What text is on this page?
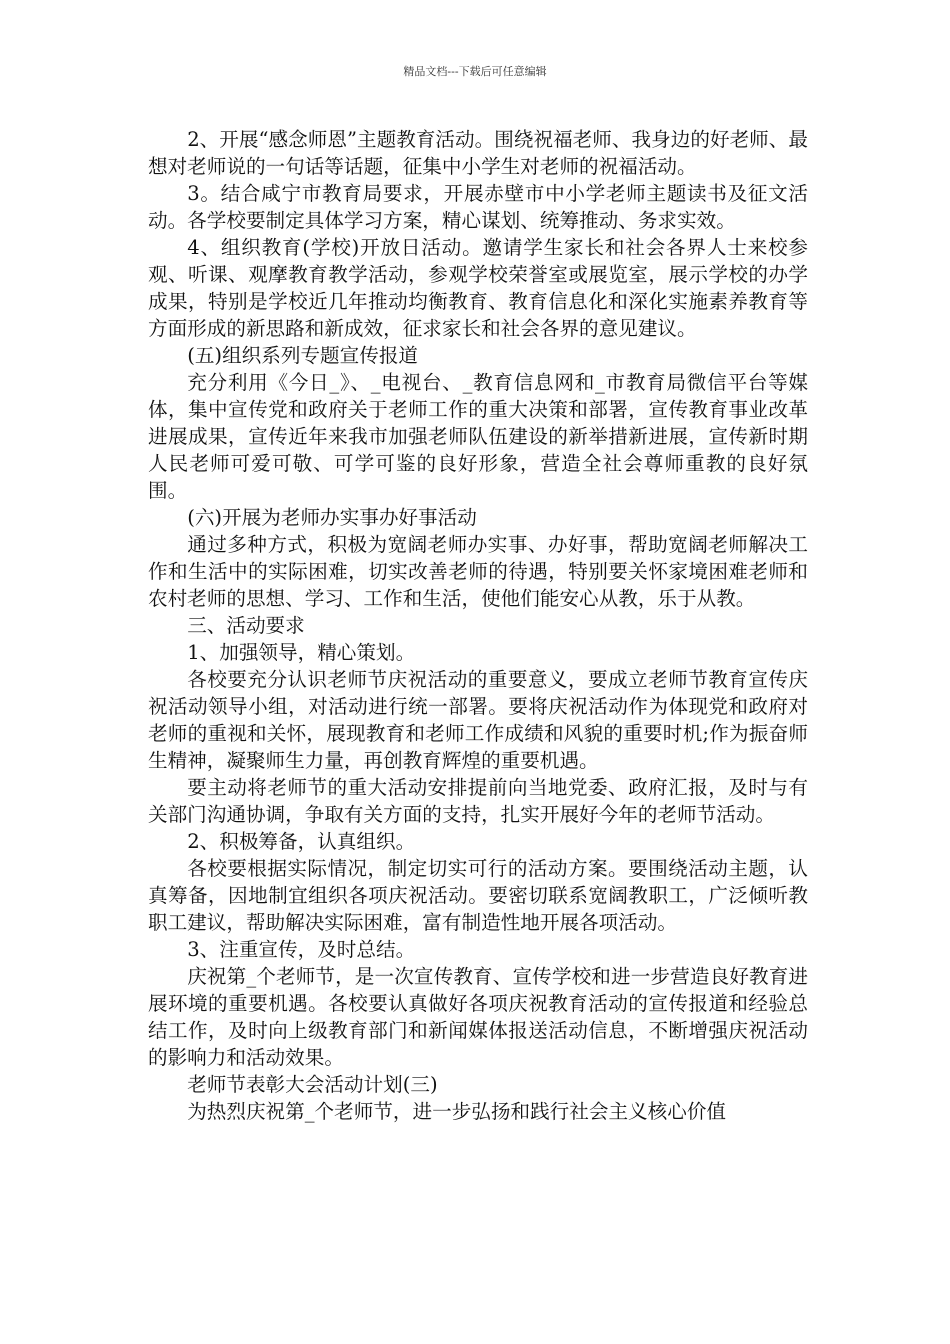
精品文档---下载后可任意编辑

2、开展“感念师恩”主题教育活动。围绕祝福老师、我身边的好老师、最想对老师说的一句话等话题，征集中小学生对老师的祝福活动。

3。结合咸宁市教育局要求，开展赤壁市中小学老师主题读书及征文活动。各学校要制定具体学习方案，精心谋划、统筹推动、务求实效。

4、组织教育(学校)开放日活动。邀请学生家长和社会各界人士来校参观、听课、观摩教育教学活动，参观学校荣誉室或展览室，展示学校的办学成果，特别是学校近几年推动均衡教育、教育信息化和深化实施素养教育等方面形成的新思路和新成效，征求家长和社会各界的意见建议。

(五)组织系列专题宣传报道

充分利用《今日_》、_电视台、_教育信息网和_市教育局微信平台等媒体，集中宣传党和政府关于老师工作的重大决策和部署，宣传教育事业改革进展成果，宣传近年来我市加强老师队伍建设的新举措新进展，宣传新时期人民老师可爱可敬、可学可鉴的良好形象，营造全社会尊师重教的良好氛围。

(六)开展为老师办实事办好事活动

通过多种方式，积极为宽阔老师办实事、办好事，帮助宽阔老师解决工作和生活中的实际困难，切实改善老师的待遇，特别要关怀家境困难老师和农村老师的思想、学习、工作和生活，使他们能安心从教，乐于从教。

三、活动要求

1、加强领导，精心策划。

各校要充分认识老师节庆祝活动的重要意义，要成立老师节教育宣传庆祝活动领导小组，对活动进行统一部署。要将庆祝活动作为体现党和政府对老师的重视和关怀，展现教育和老师工作成绩和风貌的重要时机;作为振奋师生精神，凝聚师生力量，再创教育辉煌的重要机遇。

要主动将老师节的重大活动安排提前向当地党委、政府汇报，及时与有关部门沟通协调，争取有关方面的支持，扎实开展好今年的老师节活动。

2、积极筹备，认真组织。

各校要根据实际情况，制定切实可行的活动方案。要围绕活动主题，认真筹备，因地制宜组织各项庆祝活动。要密切联系宽阔教职工，广泛倾听教职工建议，帮助解决实际困难，富有制造性地开展各项活动。

3、注重宣传，及时总结。

庆祝第_个老师节，是一次宣传教育、宣传学校和进一步营造良好教育进展环境的重要机遇。各校要认真做好各项庆祝教育活动的宣传报道和经验总结工作，及时向上级教育部门和新闻媒体报送活动信息，不断增强庆祝活动的影响力和活动效果。

老师节表彰大会活动计划(三)

为热烈庆祝第_个老师节，进一步弘扬和践行社会主义核心价值
